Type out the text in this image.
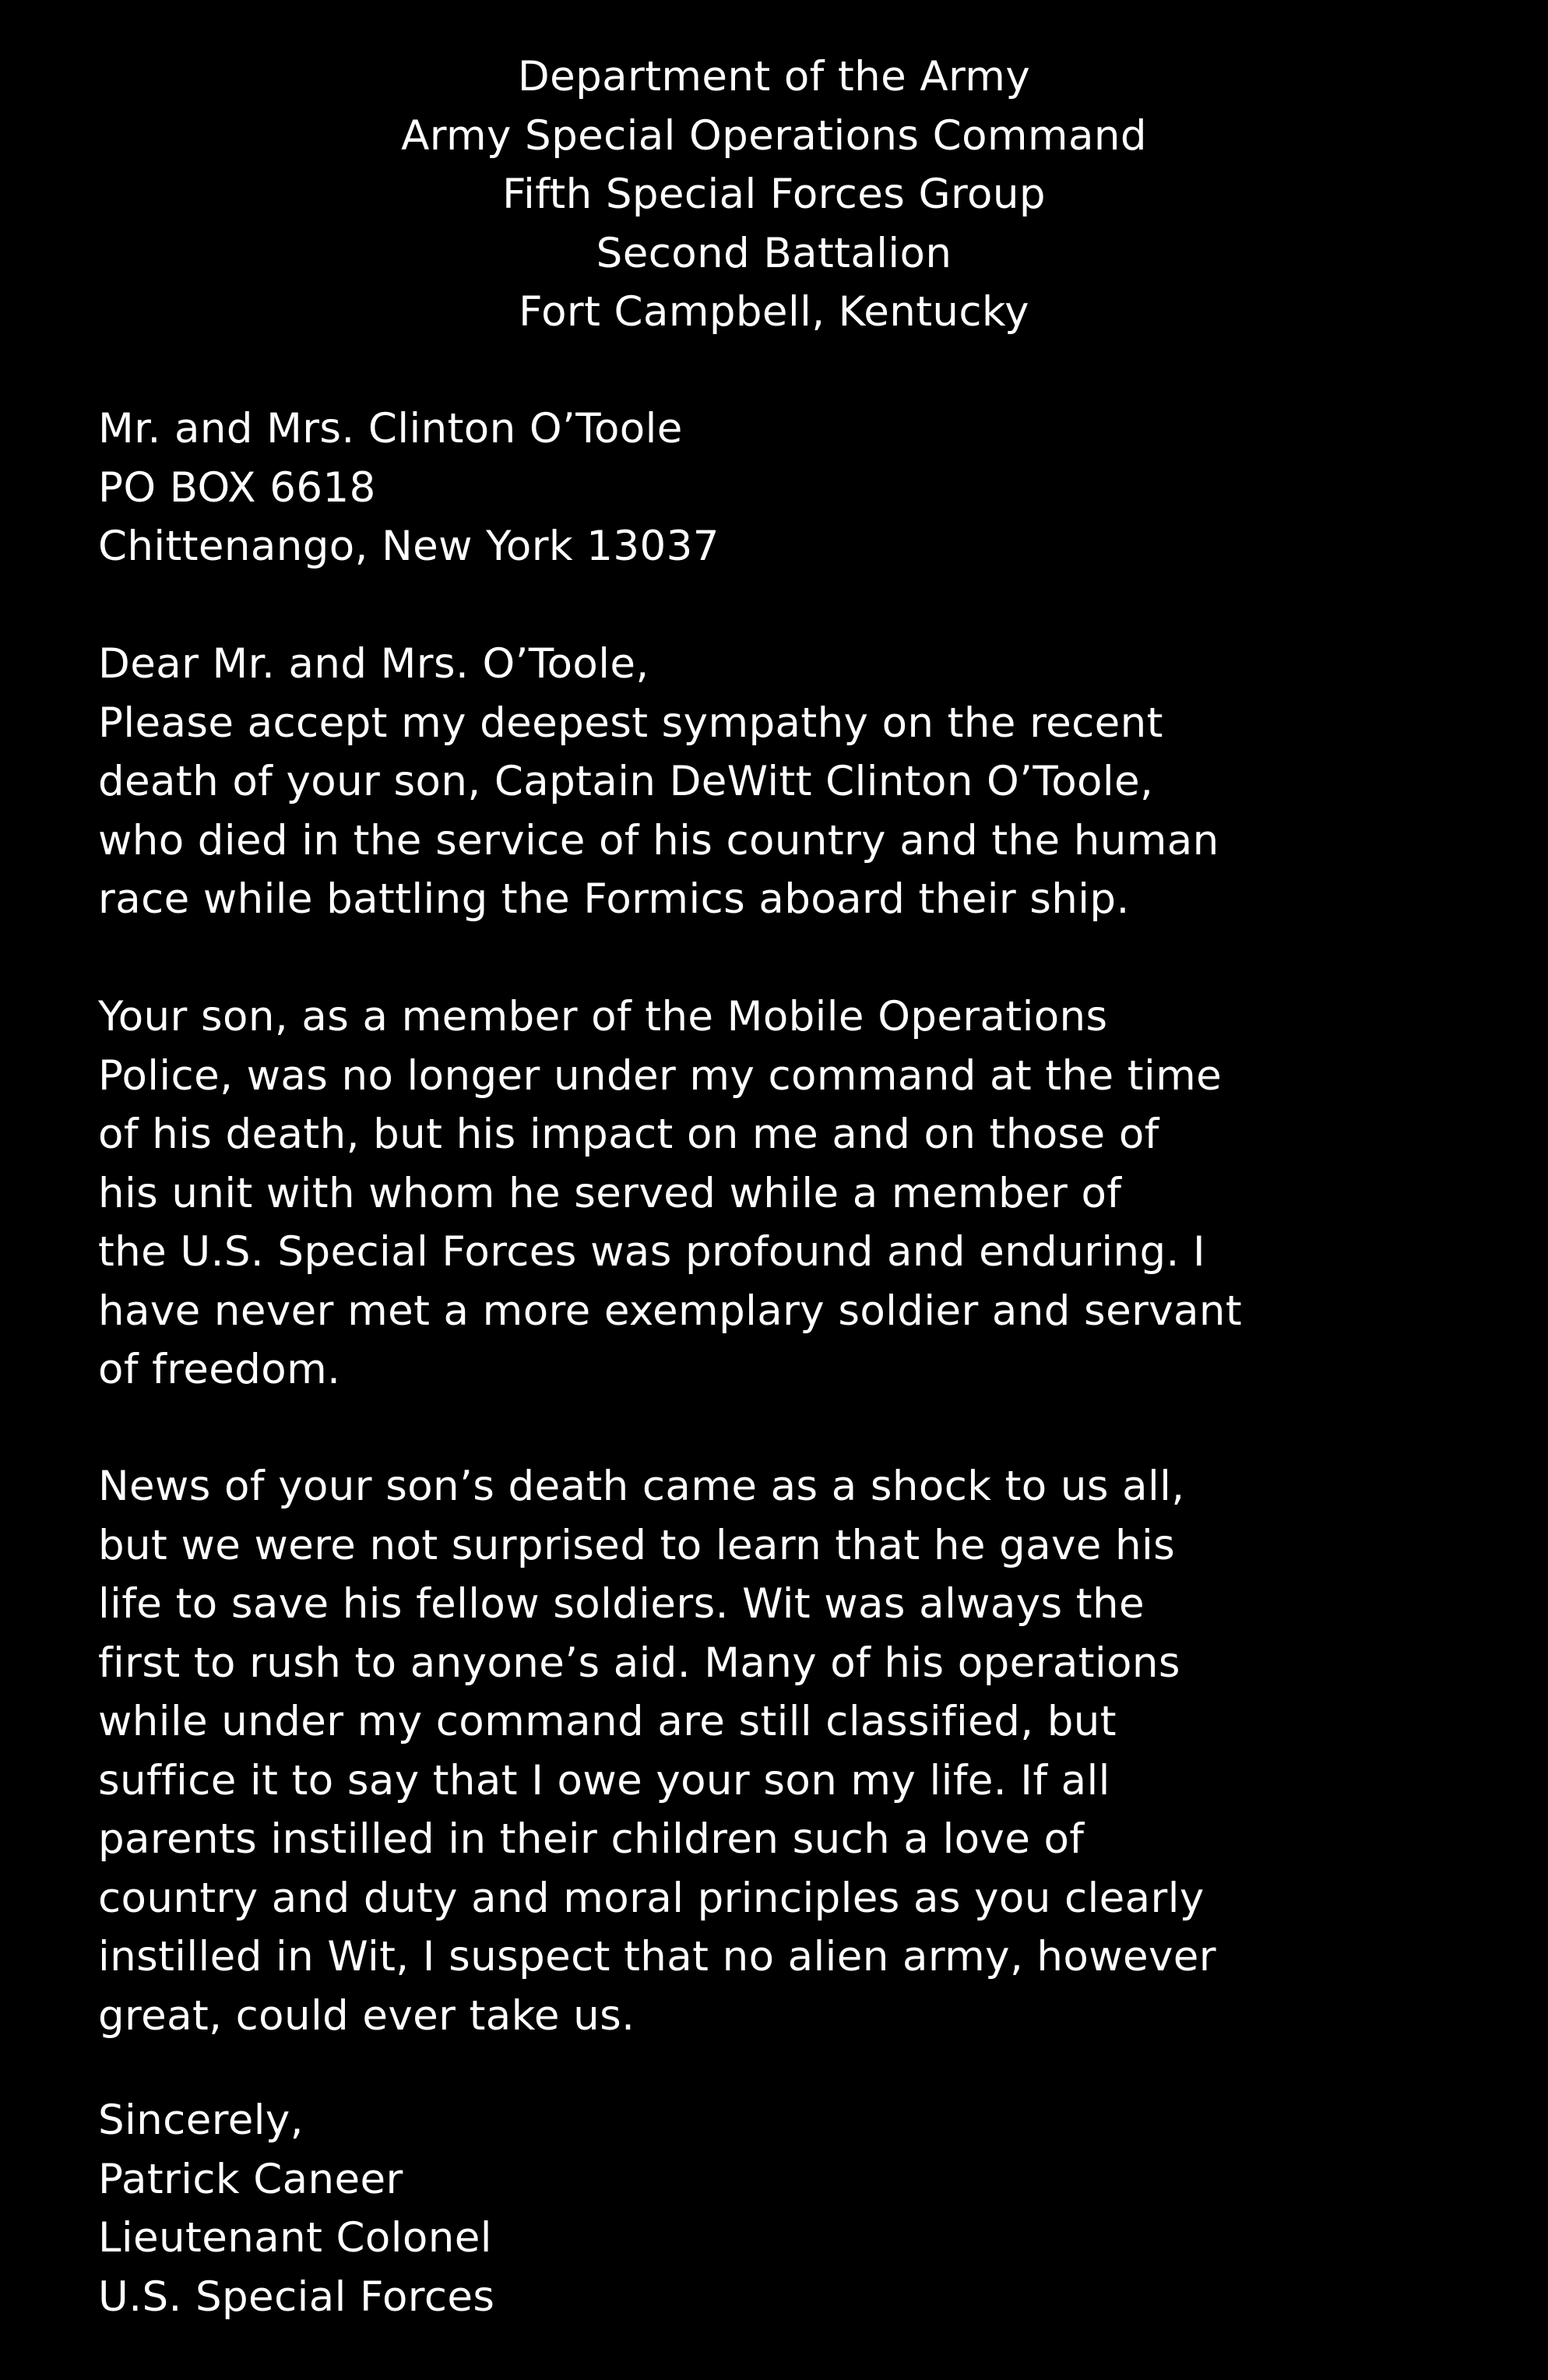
Department of the Army
Army Special Operations Command
Fifth Special Forces Group
Second Battalion
Fort Campbell, Kentucky
Mr. and Mrs. Clinton O’Toole
PO BOX 6618
Chittenango, New York 13037
Dear Mr. and Mrs. O’Toole,
Please accept my deepest sympathy on the recent
death of your son, Captain DeWitt Clinton O’Toole,
who died in the service of his country and the human
race while battling the Formics aboard their ship.
Your son, as a member of the Mobile Operations
Police, was no longer under my command at the time
of his death, but his impact on me and on those of
his unit with whom he served while a member of
the U.S. Special Forces was profound and enduring. I
have never met a more exemplary soldier and servant
of freedom.
News of your son’s death came as a shock to us all,
but we were not surprised to learn that he gave his
life to save his fellow soldiers. Wit was always the
first to rush to anyone’s aid. Many of his operations
while under my command are still classified, but
suffice it to say that I owe your son my life. If all
parents instilled in their children such a love of
country and duty and moral principles as you clearly
instilled in Wit, I suspect that no alien army, however
great, could ever take us.
Sincerely,
Patrick Caneer
Lieutenant Colonel
U.S. Special Forces
